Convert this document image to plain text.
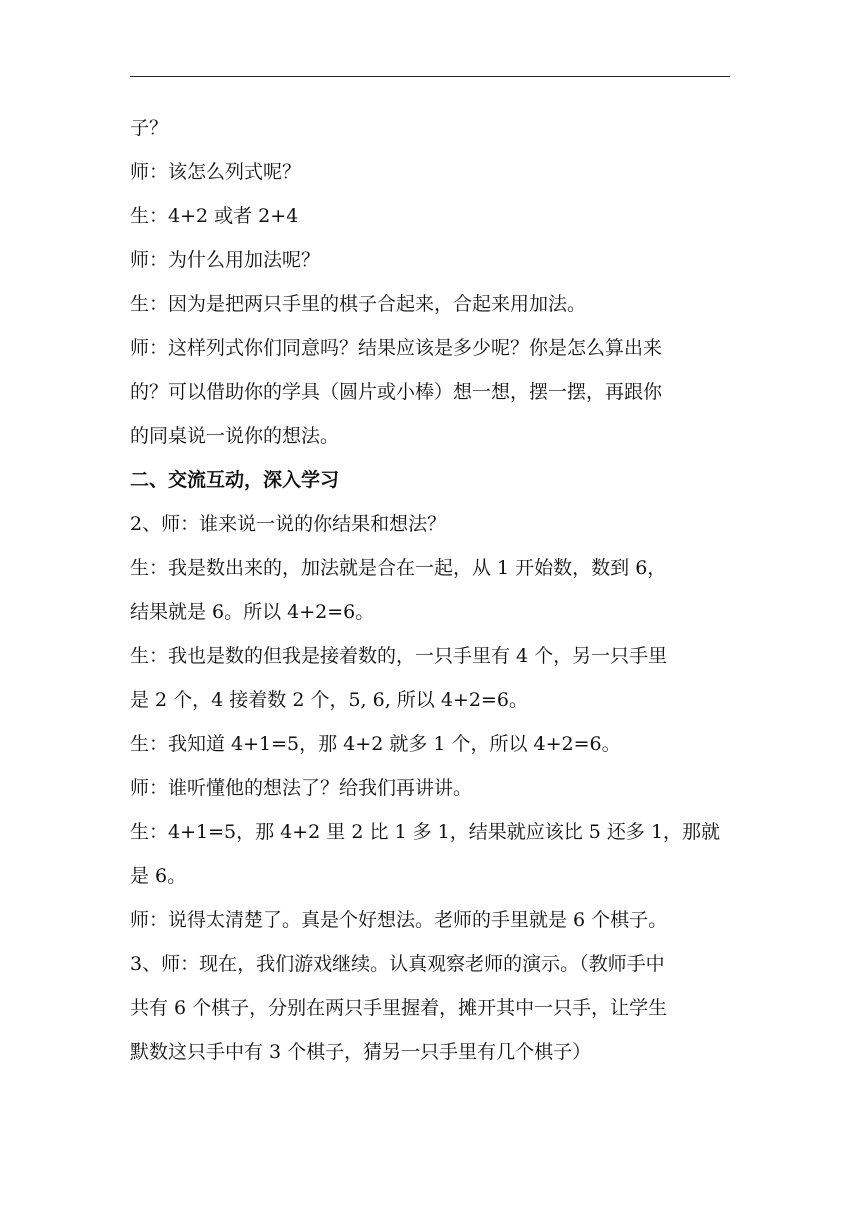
子？
师：该怎么列式呢？
生：4+2 或者 2+4
师：为什么用加法呢？
生：因为是把两只手里的棋子合起来，合起来用加法。
师：这样列式你们同意吗？结果应该是多少呢？你是怎么算出来
的？可以借助你的学具（圆片或小棒）想一想，摆一摆，再跟你
的同桌说一说你的想法。
二、交流互动，深入学习
2、师：谁来说一说的你结果和想法？
生：我是数出来的，加法就是合在一起，从 1 开始数，数到 6，
结果就是 6。所以 4+2=6。
生：我也是数的但我是接着数的，一只手里有 4 个，另一只手里
是 2 个，4 接着数 2 个，5, 6, 所以 4+2=6。
生：我知道 4+1=5，那 4+2 就多 1 个，所以 4+2=6。
师：谁听懂他的想法了？给我们再讲讲。
生：4+1=5，那 4+2 里 2 比 1 多 1，结果就应该比 5 还多 1，那就
是 6。
师：说得太清楚了。真是个好想法。老师的手里就是 6 个棋子。
3、师：现在，我们游戏继续。认真观察老师的演示。（教师手中
共有 6 个棋子，分别在两只手里握着，摊开其中一只手，让学生
默数这只手中有 3 个棋子，猜另一只手里有几个棋子）
